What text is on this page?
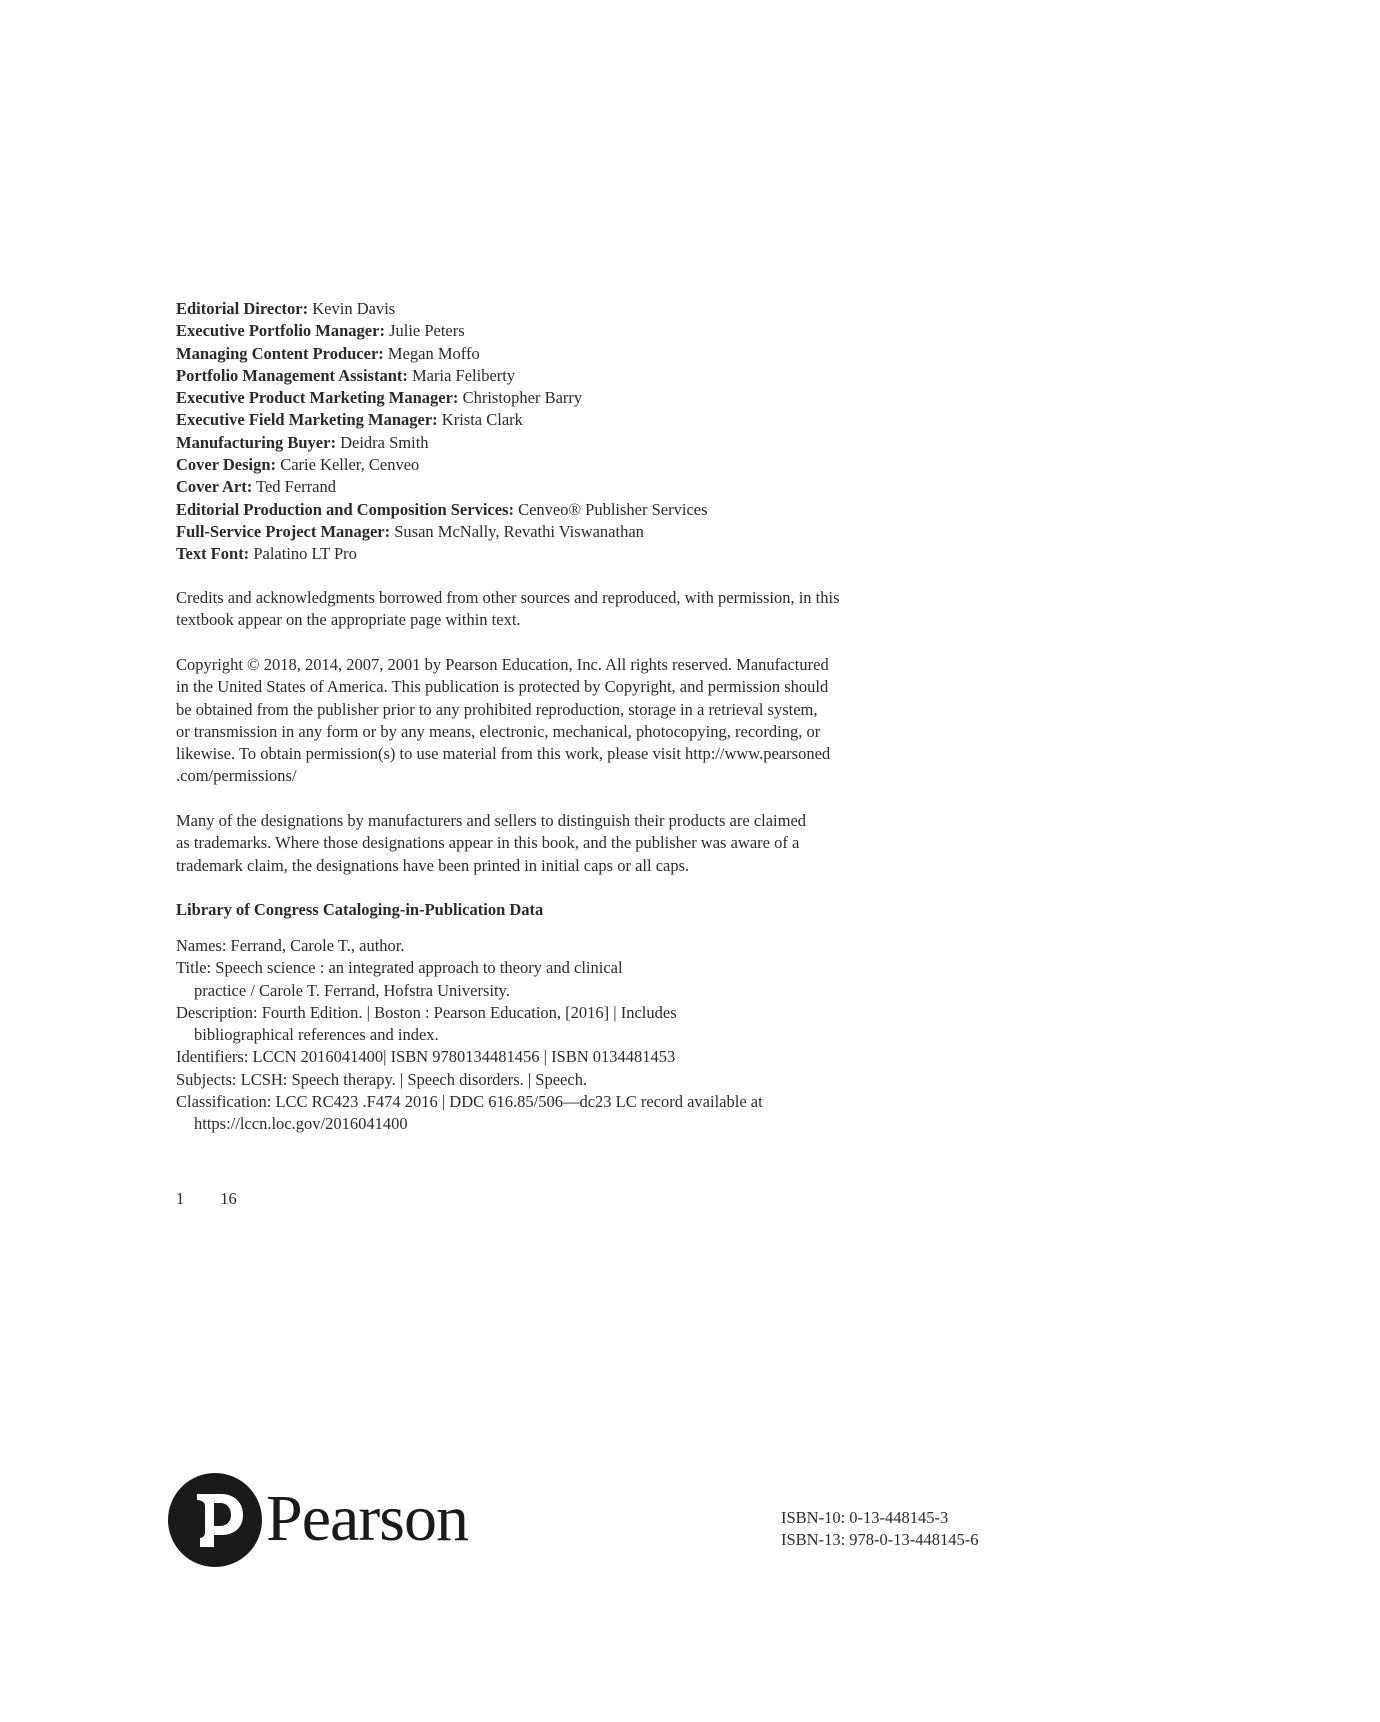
Editorial Director: Kevin Davis
Executive Portfolio Manager: Julie Peters
Managing Content Producer: Megan Moffo
Portfolio Management Assistant: Maria Feliberty
Executive Product Marketing Manager: Christopher Barry
Executive Field Marketing Manager: Krista Clark
Manufacturing Buyer: Deidra Smith
Cover Design: Carie Keller, Cenveo
Cover Art: Ted Ferrand
Editorial Production and Composition Services: Cenveo® Publisher Services
Full-Service Project Manager: Susan McNally, Revathi Viswanathan
Text Font: Palatino LT Pro

Credits and acknowledgments borrowed from other sources and reproduced, with permission, in this
textbook appear on the appropriate page within text.

Copyright © 2018, 2014, 2007, 2001 by Pearson Education, Inc. All rights reserved. Manufactured
in the United States of America. This publication is protected by Copyright, and permission should
be obtained from the publisher prior to any prohibited reproduction, storage in a retrieval system,
or transmission in any form or by any means, electronic, mechanical, photocopying, recording, or
likewise. To obtain permission(s) to use material from this work, please visit http://www.pearsoned
.com/permissions/

Many of the designations by manufacturers and sellers to distinguish their products are claimed
as trademarks. Where those designations appear in this book, and the publisher was aware of a
trademark claim, the designations have been printed in initial caps or all caps.

Library of Congress Cataloging-in-Publication Data
Names: Ferrand, Carole T., author.
Title: Speech science : an integrated approach to theory and clinical
practice / Carole T. Ferrand, Hofstra University.
Description: Fourth Edition. | Boston : Pearson Education, [2016] | Includes
bibliographical references and index.
Identifiers: LCCN 2016041400| ISBN 9780134481456 | ISBN 0134481453
Subjects: LCSH: Speech therapy. | Speech disorders. | Speech.
Classification: LCC RC423 .F474 2016 | DDC 616.85/506—dc23 LC record available at
https://lccn.loc.gov/2016041400
1 16
Pearson	ISBN-10: 0-13-448145-3
ISBN-13: 978-0-13-448145-6
